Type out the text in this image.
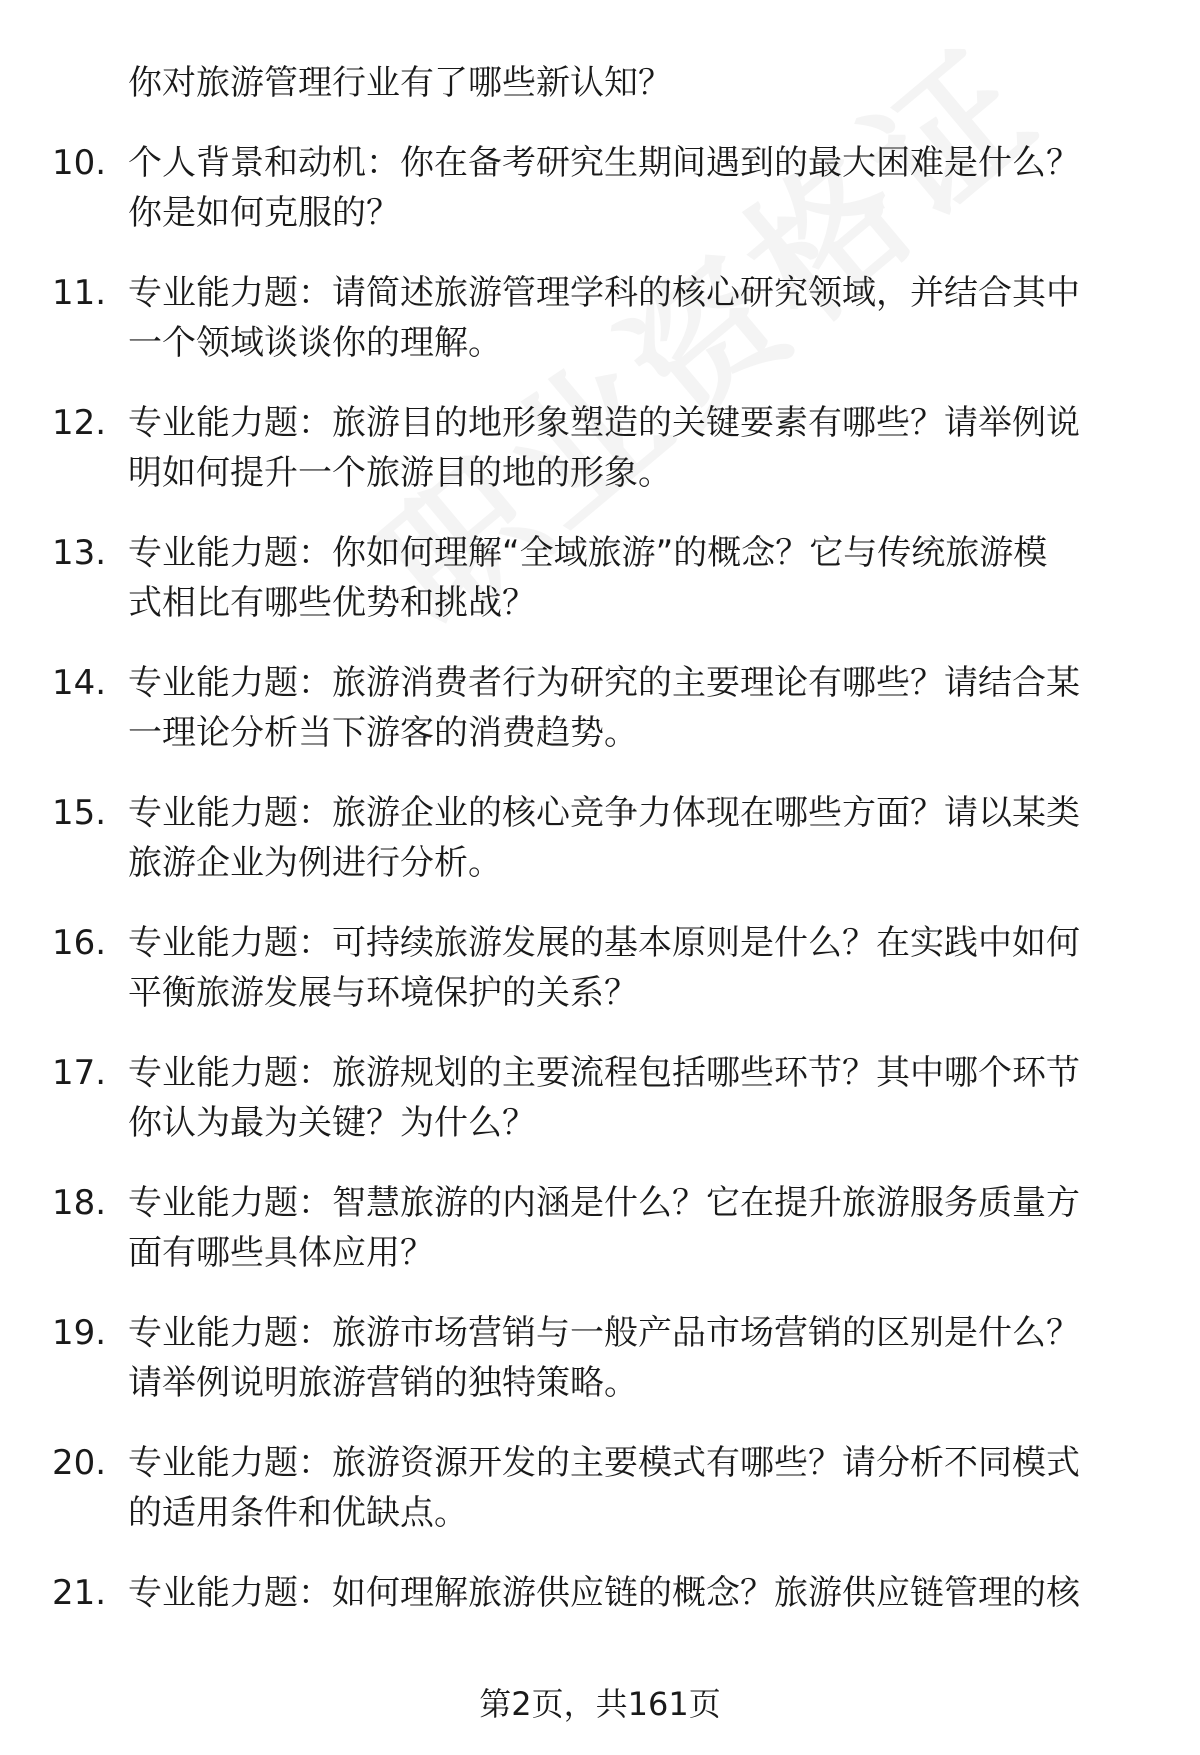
你对旅游管理行业有了哪些新认知？
10. 个人背景和动机：你在备考研究生期间遇到的最大困难是什么？
你是如何克服的？
11. 专业能力题：请简述旅游管理学科的核心研究领域，并结合其中
一个领域谈谈你的理解。
12. 专业能力题：旅游目的地形象塑造的关键要素有哪些？请举例说
明如何提升一个旅游目的地的形象。
13. 专业能力题：你如何理解“全域旅游”的概念？它与传统旅游模
式相比有哪些优势和挑战？
14. 专业能力题：旅游消费者行为研究的主要理论有哪些？请结合某
一理论分析当下游客的消费趋势。
15. 专业能力题：旅游企业的核心竞争力体现在哪些方面？请以某类
旅游企业为例进行分析。
16. 专业能力题：可持续旅游发展的基本原则是什么？在实践中如何
平衡旅游发展与环境保护的关系？
17. 专业能力题：旅游规划的主要流程包括哪些环节？其中哪个环节
你认为最为关键？为什么？
18. 专业能力题：智慧旅游的内涵是什么？它在提升旅游服务质量方
面有哪些具体应用？
19. 专业能力题：旅游市场营销与一般产品市场营销的区别是什么？
请举例说明旅游营销的独特策略。
20. 专业能力题：旅游资源开发的主要模式有哪些？请分析不同模式
的适用条件和优缺点。
21. 专业能力题：如何理解旅游供应链的概念？旅游供应链管理的核
第2页，共161页
